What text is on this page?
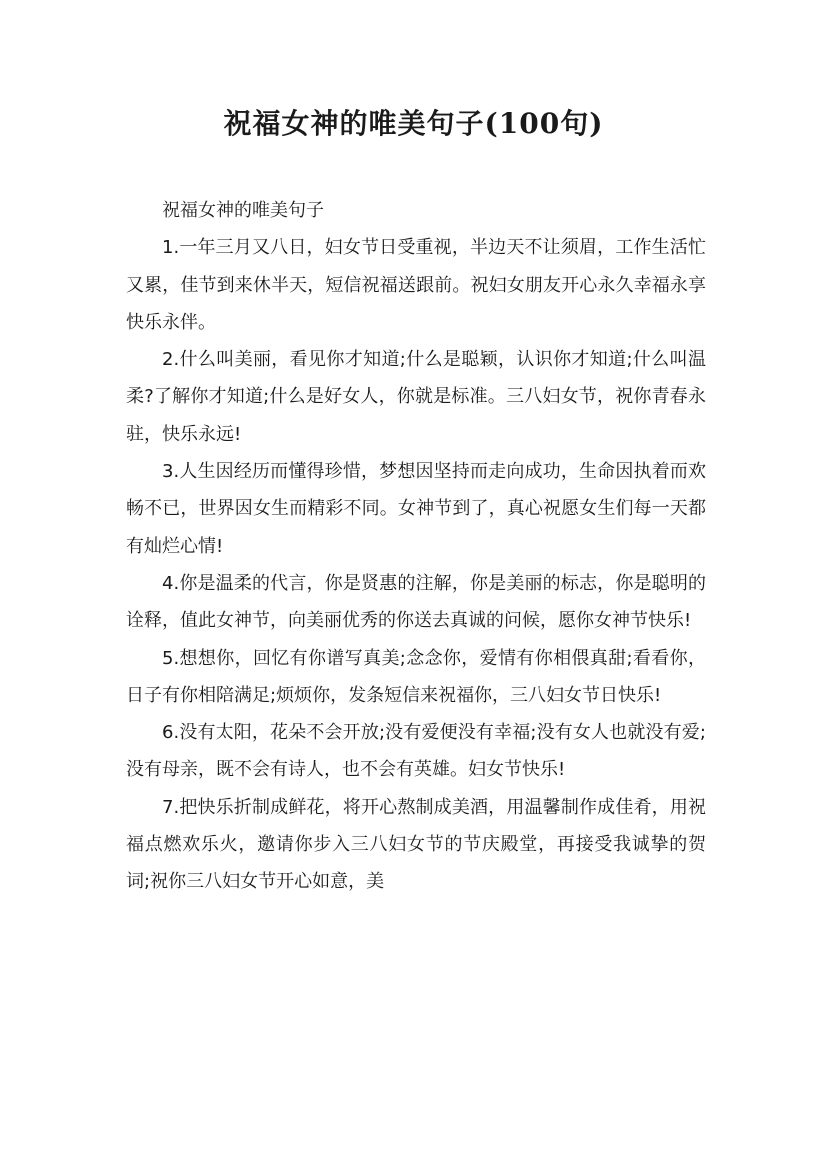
祝福女神的唯美句子(100句)

祝福女神的唯美句子

1.一年三月又八日，妇女节日受重视，半边天不让须眉，工作生活忙又累，佳节到来休半天，短信祝福送跟前。祝妇女朋友开心永久幸福永享快乐永伴。

2.什么叫美丽，看见你才知道;什么是聪颖，认识你才知道;什么叫温柔?了解你才知道;什么是好女人，你就是标准。三八妇女节，祝你青春永驻，快乐永远!

3.人生因经历而懂得珍惜，梦想因坚持而走向成功，生命因执着而欢畅不已，世界因女生而精彩不同。女神节到了，真心祝愿女生们每一天都有灿烂心情!

4.你是温柔的代言，你是贤惠的注解，你是美丽的标志，你是聪明的诠释，值此女神节，向美丽优秀的你送去真诚的问候，愿你女神节快乐!

5.想想你，回忆有你谱写真美;念念你，爱情有你相偎真甜;看看你，日子有你相陪满足;烦烦你，发条短信来祝福你，三八妇女节日快乐!

6.没有太阳，花朵不会开放;没有爱便没有幸福;没有女人也就没有爱;没有母亲，既不会有诗人，也不会有英雄。妇女节快乐!

7.把快乐折制成鲜花，将开心熬制成美酒，用温馨制作成佳肴，用祝福点燃欢乐火，邀请你步入三八妇女节的节庆殿堂，再接受我诚挚的贺词;祝你三八妇女节开心如意，美
